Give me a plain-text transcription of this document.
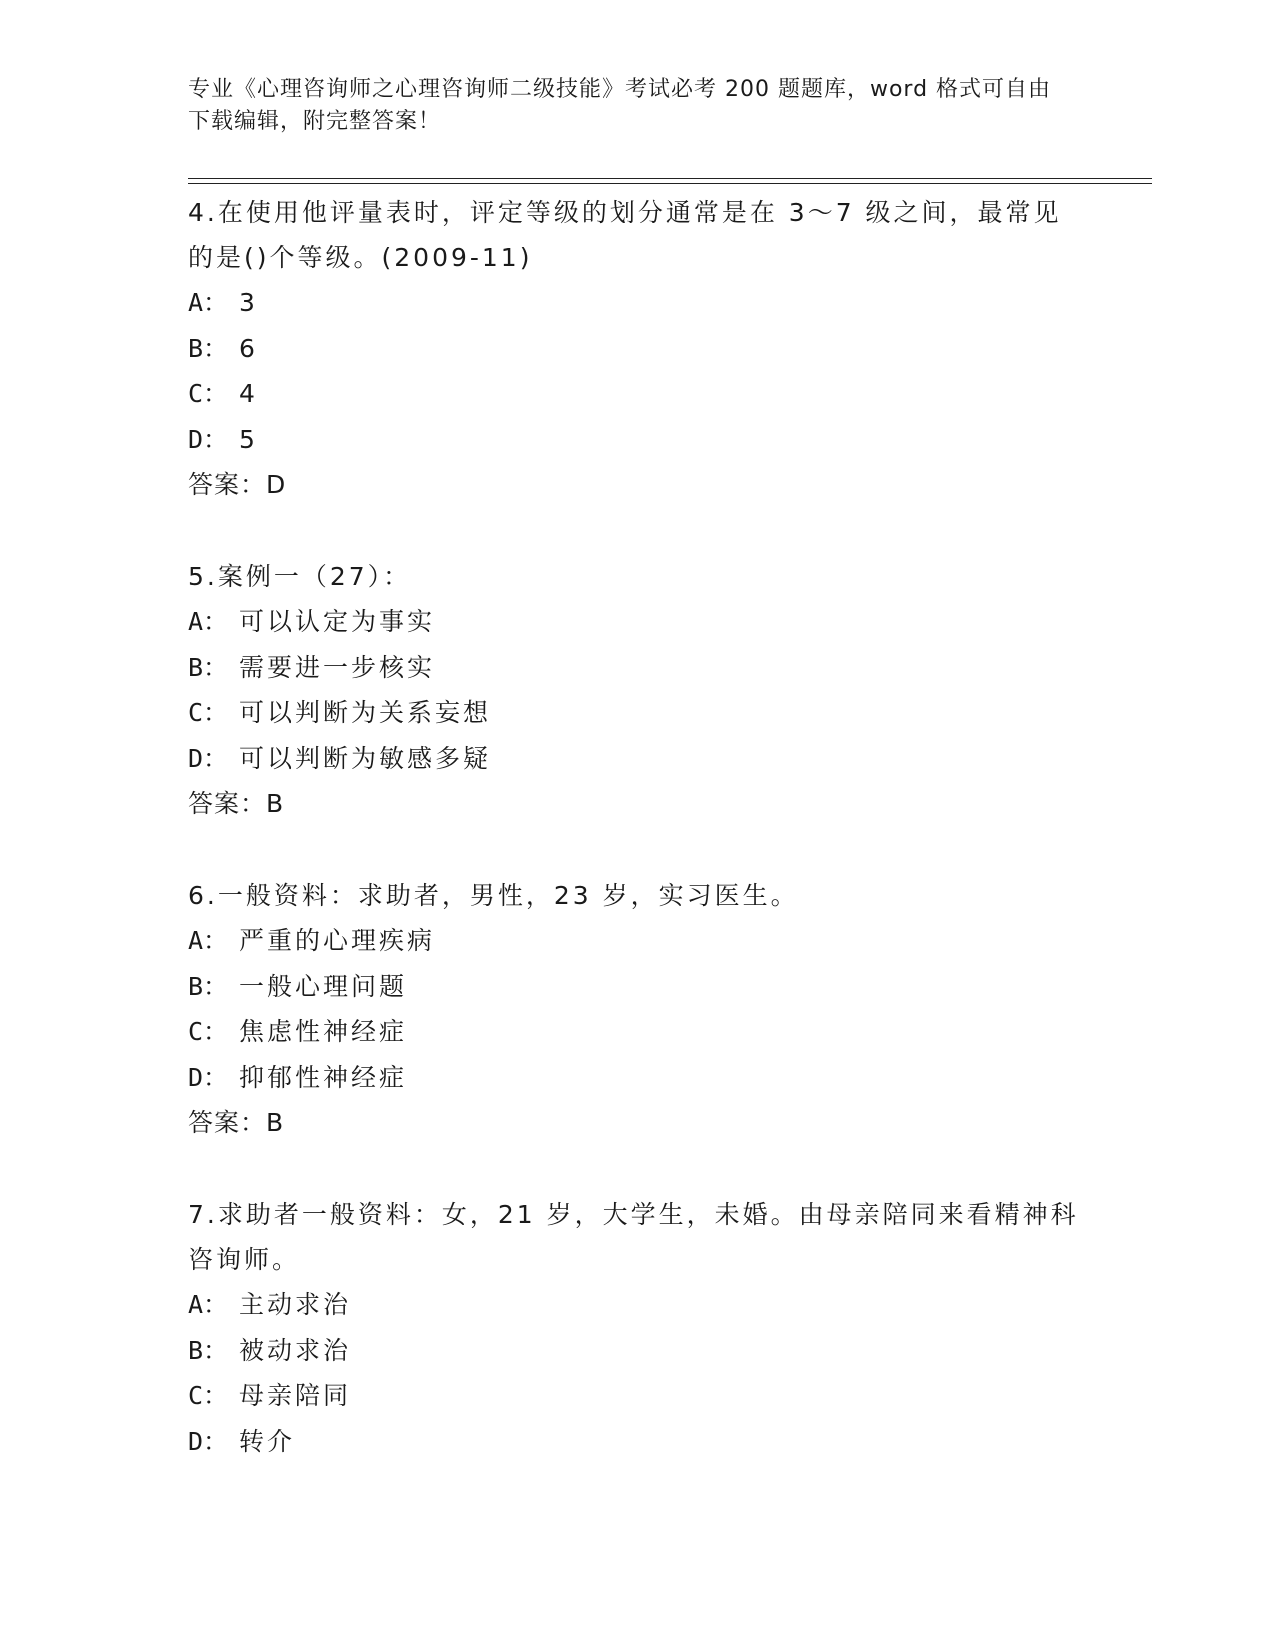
专业《心理咨询师之心理咨询师二级技能》考试必考 200 题题库，word 格式可自由下载编辑，附完整答案！

4.在使用他评量表时，评定等级的划分通常是在 3～7 级之间，最常见的是()个等级。(2009-11)

A： 3
B： 6
C： 4
D： 5
答案：D

5.案例一（27）：

A： 可以认定为事实
B： 需要进一步核实
C： 可以判断为关系妄想
D： 可以判断为敏感多疑
答案：B

6.一般资料：求助者，男性，23 岁，实习医生。

A： 严重的心理疾病
B： 一般心理问题
C： 焦虑性神经症
D： 抑郁性神经症
答案：B

7.求助者一般资料：女，21 岁，大学生，未婚。由母亲陪同来看精神科咨询师。

A： 主动求治
B： 被动求治
C： 母亲陪同
D： 转介
